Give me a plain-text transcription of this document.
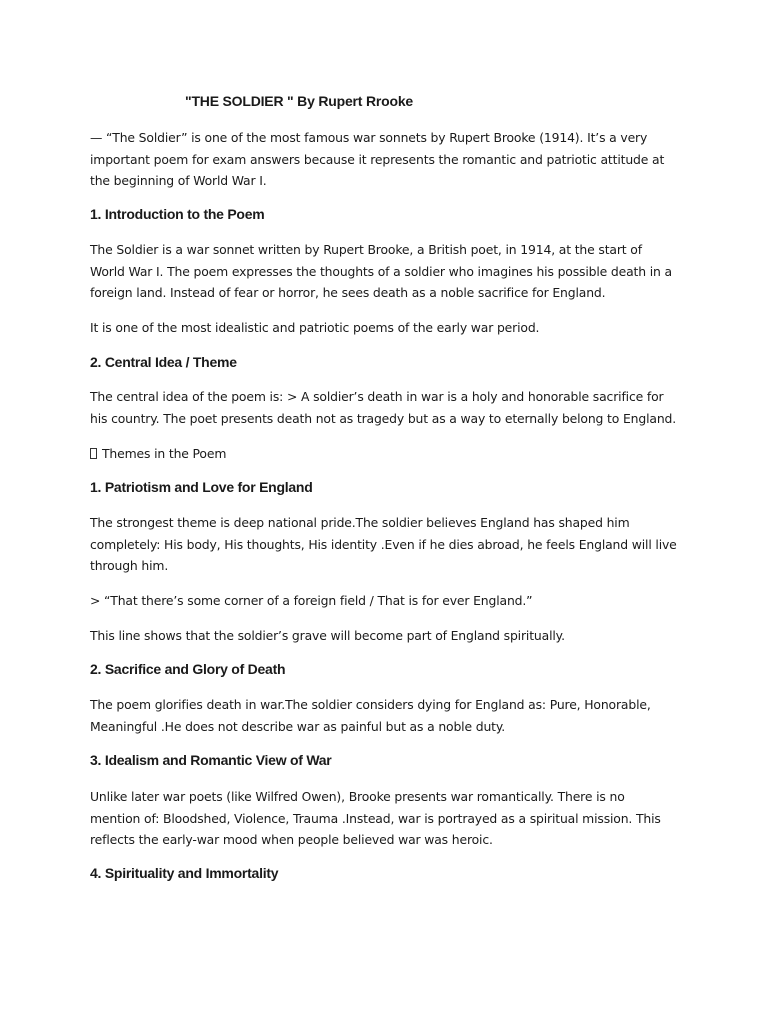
"THE SOLDIER " By Rupert Rrooke
— “The Soldier” is one of the most famous war sonnets by Rupert Brooke (1914). It’s a very
important poem for exam answers because it represents the romantic and patriotic attitude at
the beginning of World War I.
1. Introduction to the Poem
The Soldier is a war sonnet written by Rupert Brooke, a British poet, in 1914, at the start of
World War I. The poem expresses the thoughts of a soldier who imagines his possible death in a
foreign land. Instead of fear or horror, he sees death as a noble sacrifice for England.
It is one of the most idealistic and patriotic poems of the early war period.
2. Central Idea / Theme
The central idea of the poem is: > A soldier’s death in war is a holy and honorable sacrifice for
his country. The poet presents death not as tragedy but as a way to eternally belong to England.
Themes in the Poem
1. Patriotism and Love for England
The strongest theme is deep national pride.The soldier believes England has shaped him
completely: His body, His thoughts, His identity .Even if he dies abroad, he feels England will live
through him.
> “That there’s some corner of a foreign field / That is for ever England.”
This line shows that the soldier’s grave will become part of England spiritually.
2. Sacrifice and Glory of Death
The poem glorifies death in war.The soldier considers dying for England as: Pure, Honorable,
Meaningful .He does not describe war as painful but as a noble duty.
3. Idealism and Romantic View of War
Unlike later war poets (like Wilfred Owen), Brooke presents war romantically. There is no
mention of: Bloodshed, Violence, Trauma .Instead, war is portrayed as a spiritual mission. This
reflects the early-war mood when people believed war was heroic.
4. Spirituality and Immortality
